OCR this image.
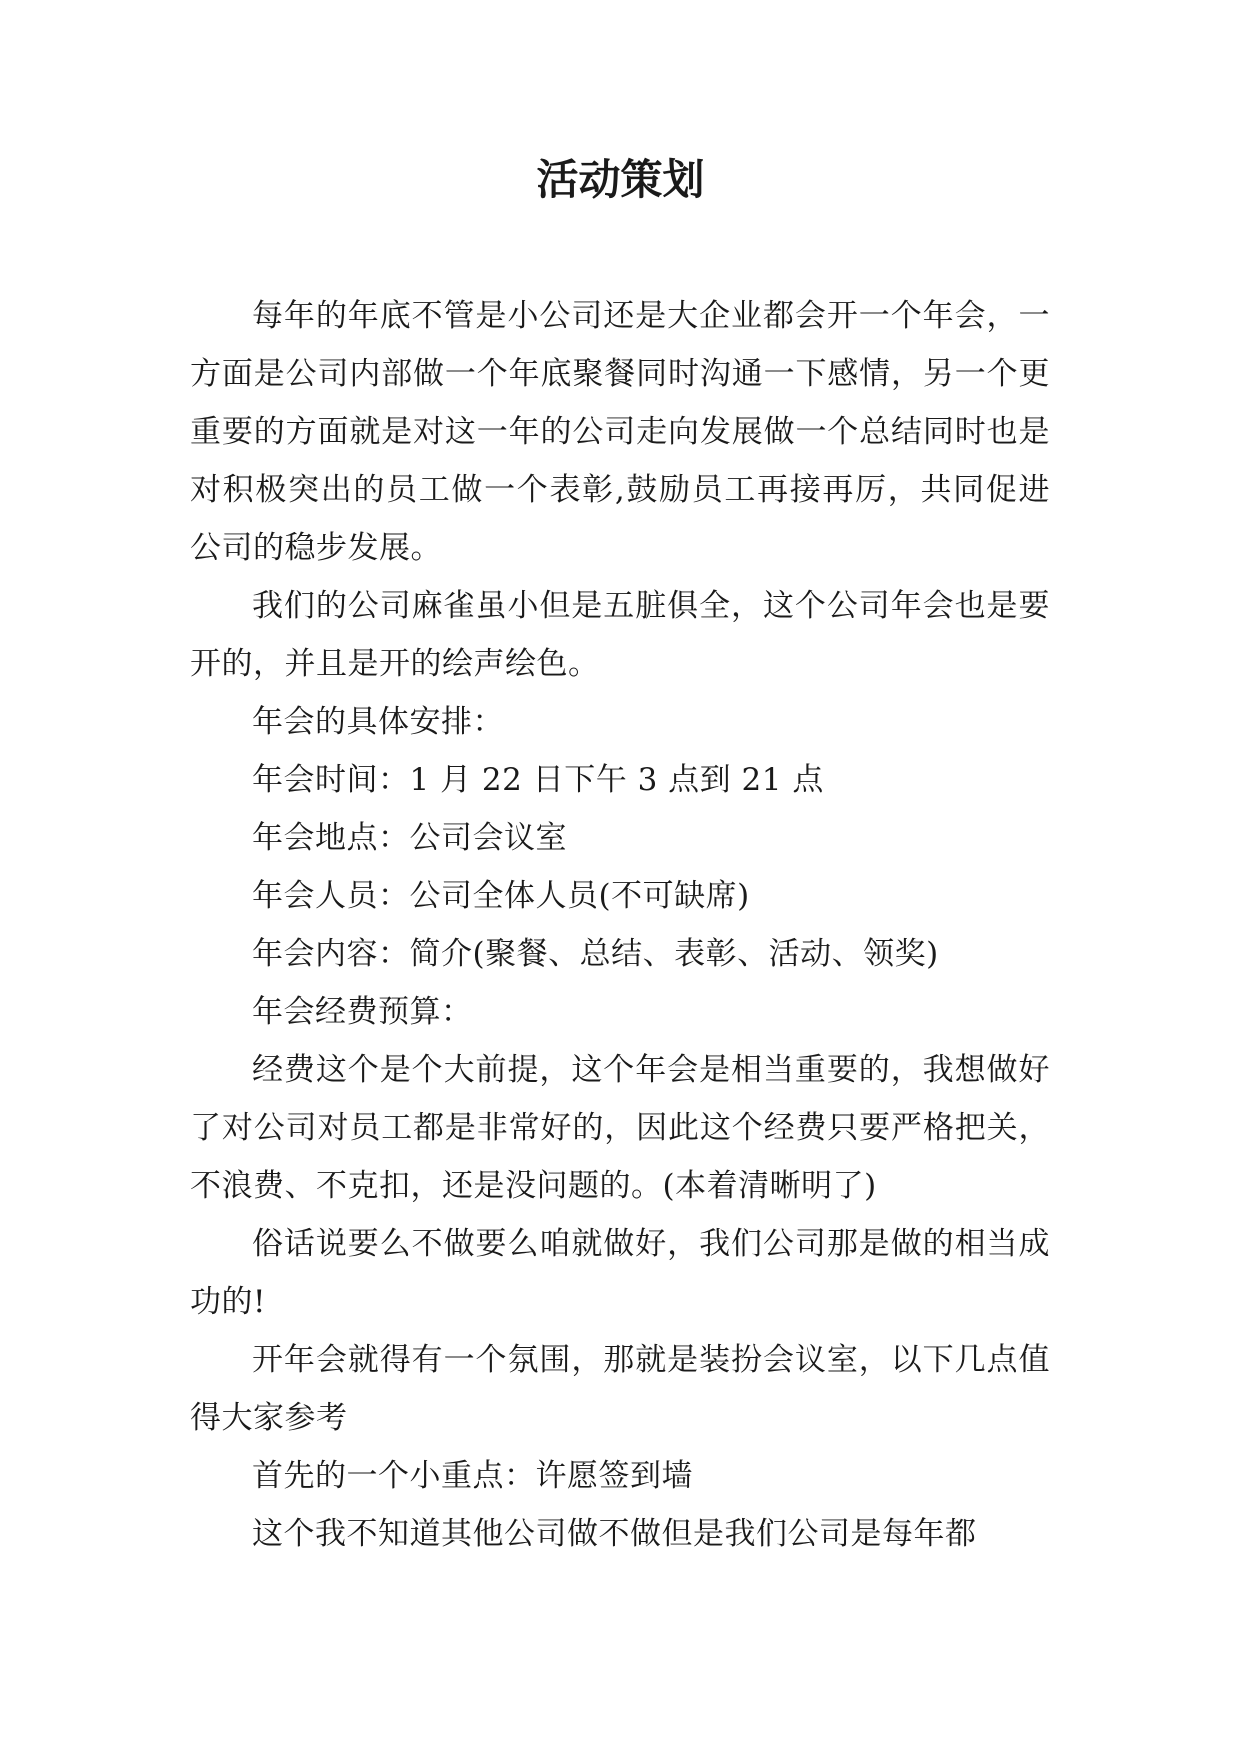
活动策划

每年的年底不管是小公司还是大企业都会开一个年会，一方面是公司内部做一个年底聚餐同时沟通一下感情，另一个更重要的方面就是对这一年的公司走向发展做一个总结同时也是对积极突出的员工做一个表彰,鼓励员工再接再厉，共同促进公司的稳步发展。

我们的公司麻雀虽小但是五脏俱全，这个公司年会也是要开的，并且是开的绘声绘色。

年会的具体安排：

年会时间：1 月 22 日下午 3 点到 21 点

年会地点：公司会议室

年会人员：公司全体人员(不可缺席)

年会内容：简介(聚餐、总结、表彰、活动、领奖)

年会经费预算：

经费这个是个大前提，这个年会是相当重要的，我想做好了对公司对员工都是非常好的，因此这个经费只要严格把关，不浪费、不克扣，还是没问题的。(本着清晰明了)

俗话说要么不做要么咱就做好，我们公司那是做的相当成功的!

开年会就得有一个氛围，那就是装扮会议室，以下几点值得大家参考

首先的一个小重点：许愿签到墙

这个我不知道其他公司做不做但是我们公司是每年都
